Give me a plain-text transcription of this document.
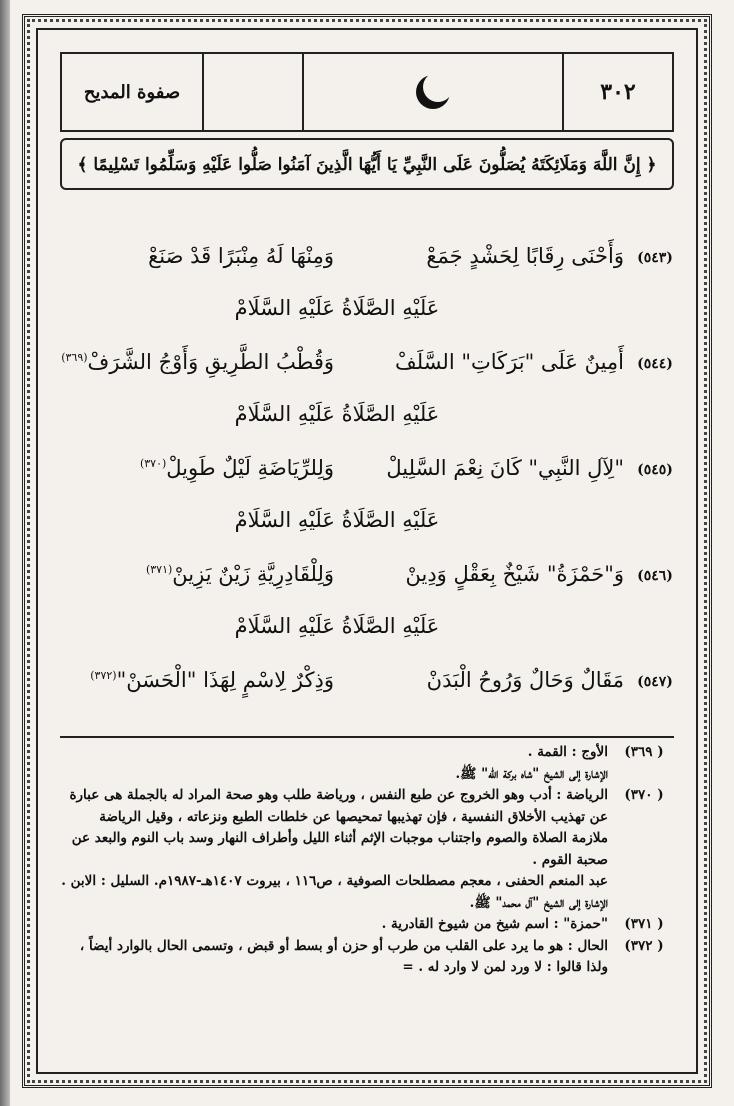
صفوة المديح	٣٠٢
﴿ إِنَّ اللَّهَ وَمَلَائِكَتَهُ يُصَلُّونَ عَلَى النَّبِيِّ يَا أَيُّهَا الَّذِينَ آمَنُوا صَلُّوا عَلَيْهِ وَسَلِّمُوا تَسْلِيمًا ﴾
(٥٤٣)
وَأَحْنَى رِقَابًا لِحَشْدٍ جَمَعْ
وَمِنْهَا لَهُ مِنْبَرًا قَدْ صَنَعْ
عَلَيْهِ الصَّلَاةُ عَلَيْهِ السَّلَامْ
(٥٤٤)
أَمِينٌ عَلَى "بَرَكَاتِ" السَّلَفْ
وَقُطْبُ الطَّرِيقِ وَأَوْجُ الشَّرَفْ$^{(٣٦٩)}$
عَلَيْهِ الصَّلَاةُ عَلَيْهِ السَّلَامْ
(٥٤٥)
"لِآلِ النَّبِي" كَانَ نِعْمَ السَّلِيلْ
وَلِلرِّيَاضَةِ لَيْلٌ طَوِيلْ$^{(٣٧٠)}$
عَلَيْهِ الصَّلَاةُ عَلَيْهِ السَّلَامْ
(٥٤٦)
وَ"حَمْزَةُ" شَيْخٌ بِعَقْلٍ وَدِينْ
وَلِلْقَادِرِيَّةِ زَيْنٌ يَزِينْ$^{(٣٧١)}$
عَلَيْهِ الصَّلَاةُ عَلَيْهِ السَّلَامْ
(٥٤٧)
مَقَالٌ وَحَالٌ وَرُوحُ الْبَدَنْ
وَذِكْرٌ لِاسْمٍ لِهَذَا "الْحَسَنْ"$^{(٣٧٢)}$
( ٣٦٩)

الأوج : القمة .

الإشارة إلى الشيخ "شاه بركة الله" ﷺ.

( ٣٧٠)

الرياضة : أدب وهو الخروج عن طبع النفس ، ورياضة طلب وهو صحة المراد له بالجملة هى عبارة عن تهذيب الأخلاق النفسية ، فإن تهذيبها تمحيصها عن خلطات الطبع ونزعاته ، وقيل الرياضة ملازمة الصلاة والصوم واجتناب موجبات الإثم أثناء الليل وأطراف النهار وسد باب النوم والبعد عن صحبة القوم .

عبد المنعم الحفنى ، معجم مصطلحات الصوفية ، ص١١٦ ، بيروت ١٤٠٧هـ-١٩٨٧م. السليل : الابن .

الإشارة إلى الشيخ "آل محمد" ﷺ.

( ٣٧١)

"حمزة" : اسم شيخ من شيوخ القادرية .

( ٣٧٢)

الحال : هو ما يرد على القلب من طرب أو حزن أو بسط أو قبض ، وتسمى الحال بالوارد أيضاً ، ولذا قالوا : لا ورد لمن لا وارد له . =
